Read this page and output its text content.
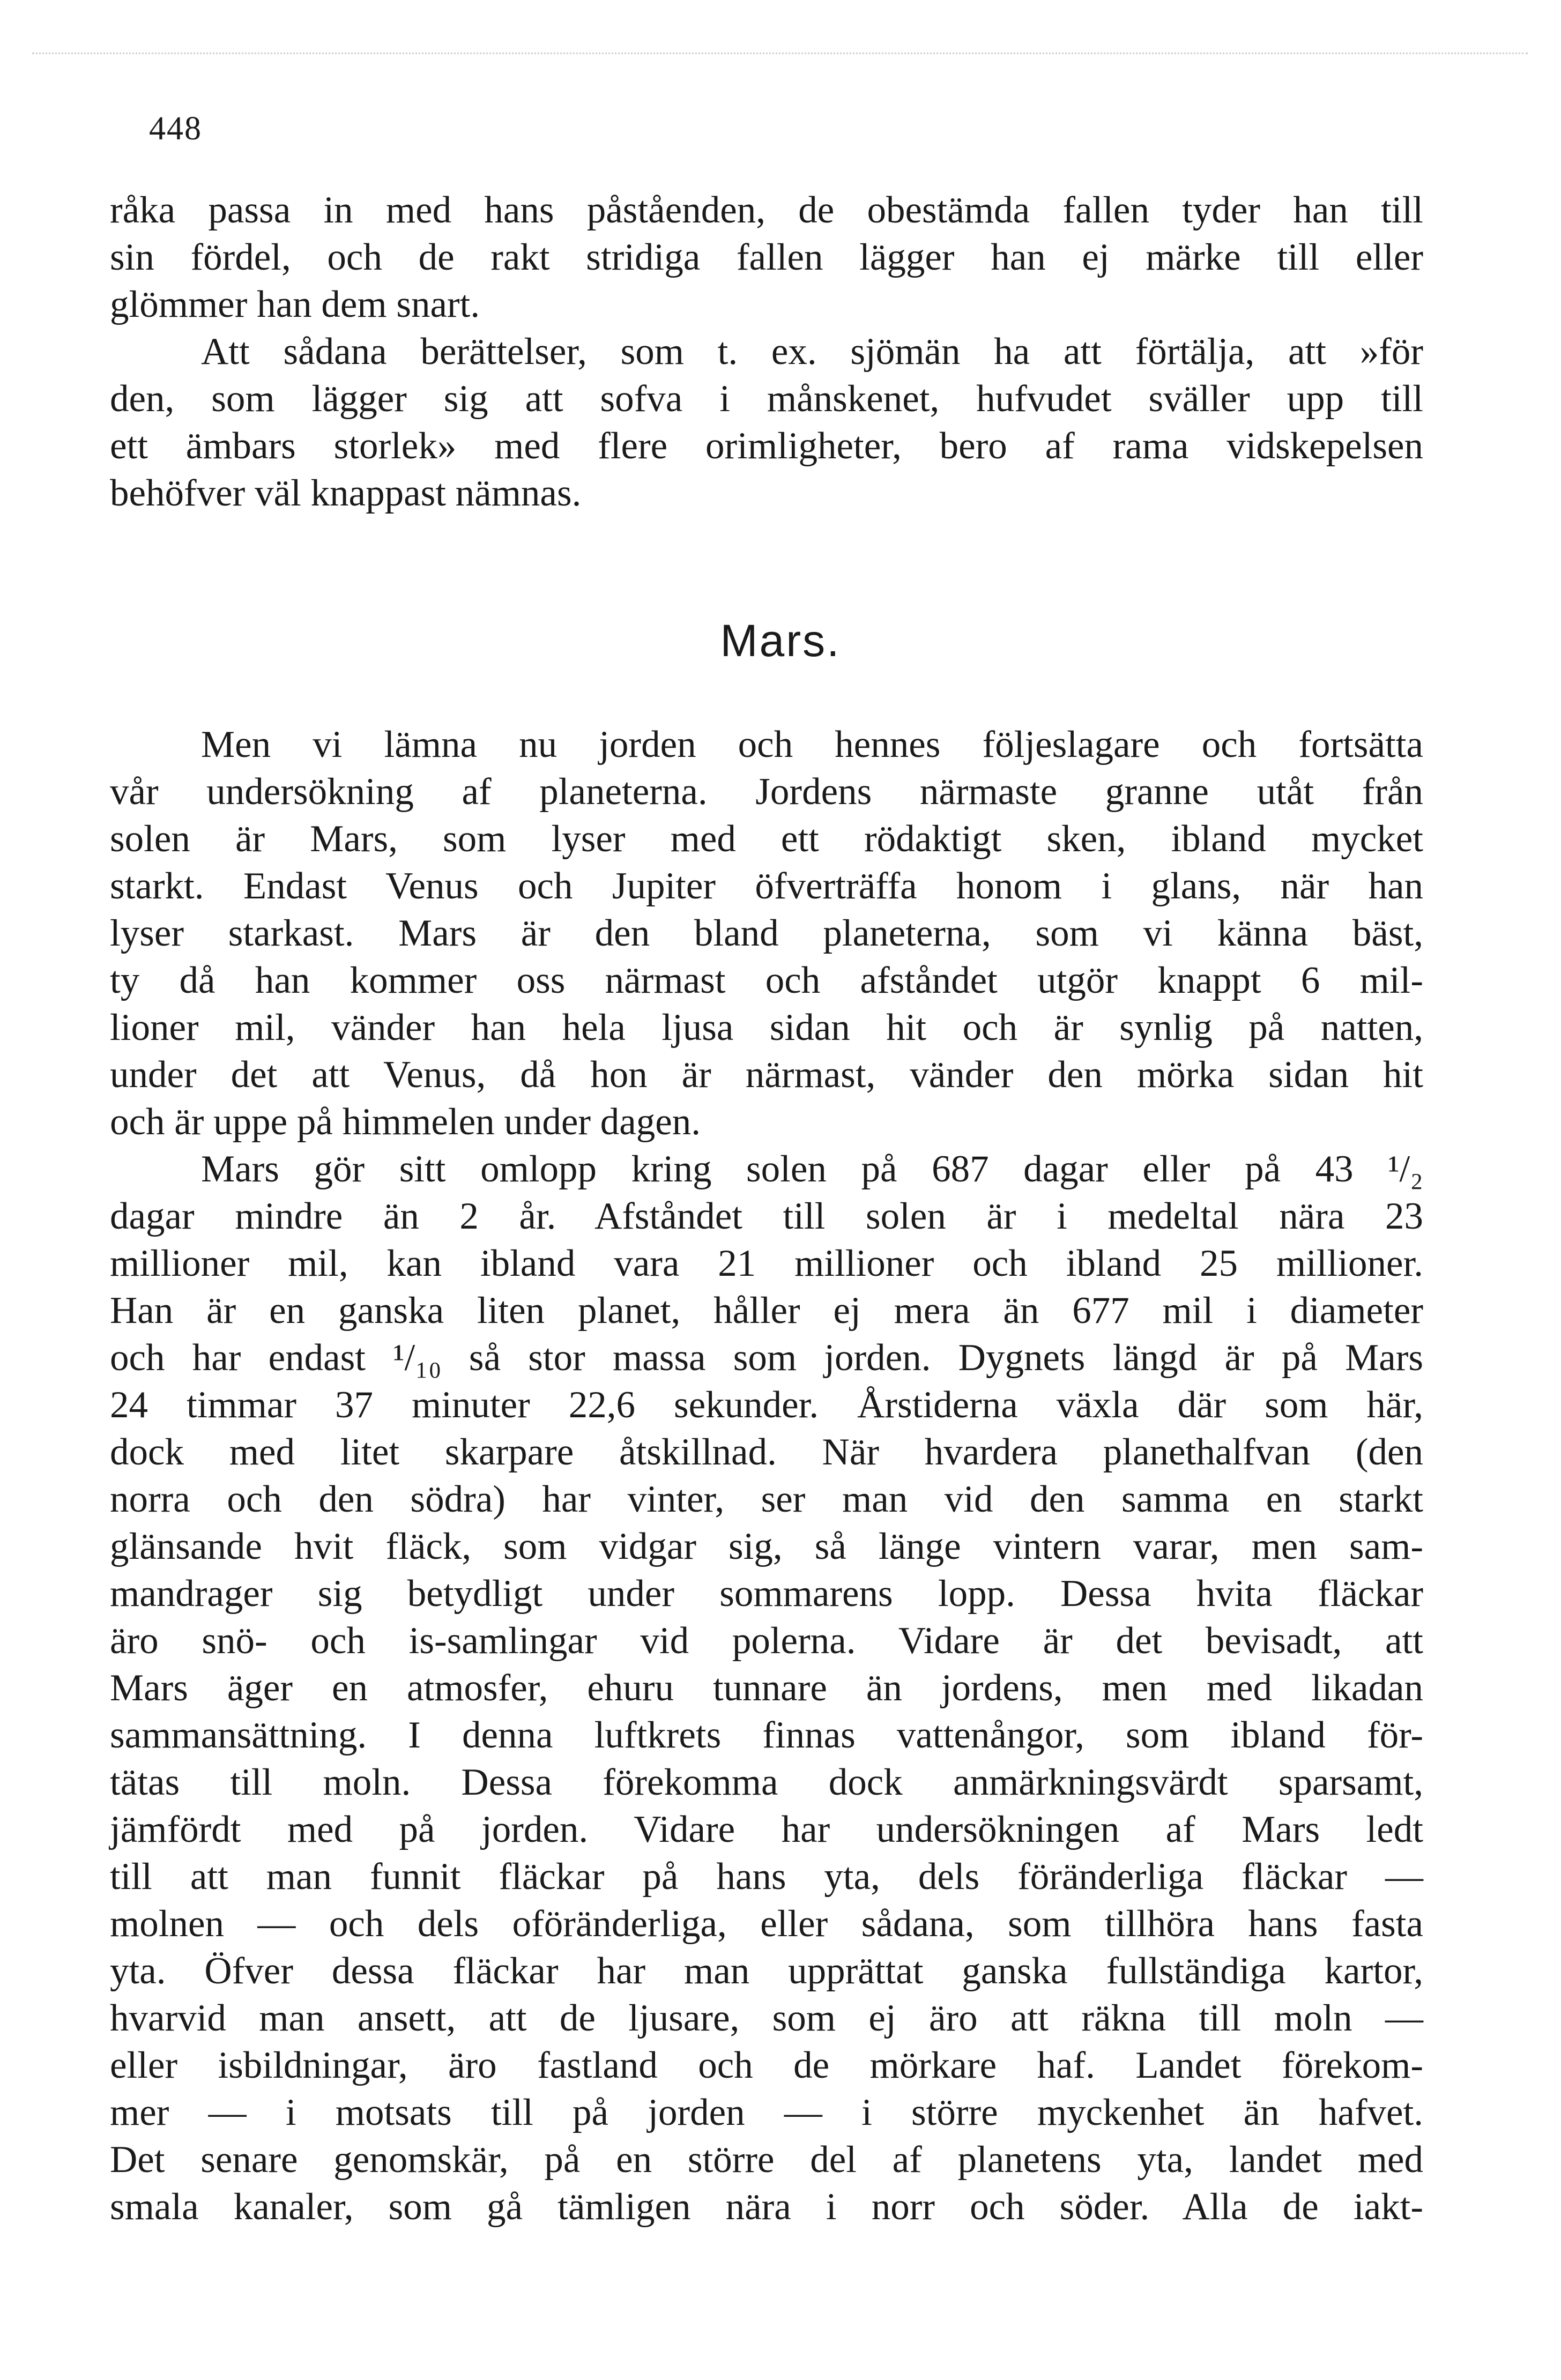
448
råka passa in med hans påståenden, de obestämda fallen tyder han till
sin fördel, och de rakt stridiga fallen lägger han ej märke till eller
glömmer han dem snart.
Att sådana berättelser, som t. ex. sjömän ha att förtälja, att »för
den, som lägger sig att sofva i månskenet, hufvudet sväller upp till
ett ämbars storlek» med flere orimligheter, bero af rama vidskepelsen
behöfver väl knappast nämnas.
Mars.
Men vi lämna nu jorden och hennes följeslagare och fortsätta
vår undersökning af planeterna. Jordens närmaste granne utåt från
solen är Mars, som lyser med ett rödaktigt sken, ibland mycket
starkt. Endast Venus och Jupiter öfverträffa honom i glans, när han
lyser starkast. Mars är den bland planeterna, som vi känna bäst,
ty då han kommer oss närmast och afståndet utgör knappt 6 mil-
lioner mil, vänder han hela ljusa sidan hit och är synlig på natten,
under det att Venus, då hon är närmast, vänder den mörka sidan hit
och är uppe på himmelen under dagen.
Mars gör sitt omlopp kring solen på 687 dagar eller på 43 ¹/₂
dagar mindre än 2 år. Afståndet till solen är i medeltal nära 23
millioner mil, kan ibland vara 21 millioner och ibland 25 millioner.
Han är en ganska liten planet, håller ej mera än 677 mil i diameter
och har endast ¹/₁₀ så stor massa som jorden. Dygnets längd är på Mars
24 timmar 37 minuter 22,6 sekunder. Årstiderna växla där som här,
dock med litet skarpare åtskillnad. När hvardera planethalfvan (den
norra och den södra) har vinter, ser man vid den samma en starkt
glänsande hvit fläck, som vidgar sig, så länge vintern varar, men sam-
mandrager sig betydligt under sommarens lopp. Dessa hvita fläckar
äro snö- och is-samlingar vid polerna. Vidare är det bevisadt, att
Mars äger en atmosfer, ehuru tunnare än jordens, men med likadan
sammansättning. I denna luftkrets finnas vattenångor, som ibland för-
tätas till moln. Dessa förekomma dock anmärkningsvärdt sparsamt,
jämfördt med på jorden. Vidare har undersökningen af Mars ledt
till att man funnit fläckar på hans yta, dels föränderliga fläckar —
molnen — och dels oföränderliga, eller sådana, som tillhöra hans fasta
yta. Öfver dessa fläckar har man upprättat ganska fullständiga kartor,
hvarvid man ansett, att de ljusare, som ej äro att räkna till moln —
eller isbildningar, äro fastland och de mörkare haf. Landet förekom-
mer — i motsats till på jorden — i större myckenhet än hafvet.
Det senare genomskär, på en större del af planetens yta, landet med
smala kanaler, som gå tämligen nära i norr och söder. Alla de iakt-
